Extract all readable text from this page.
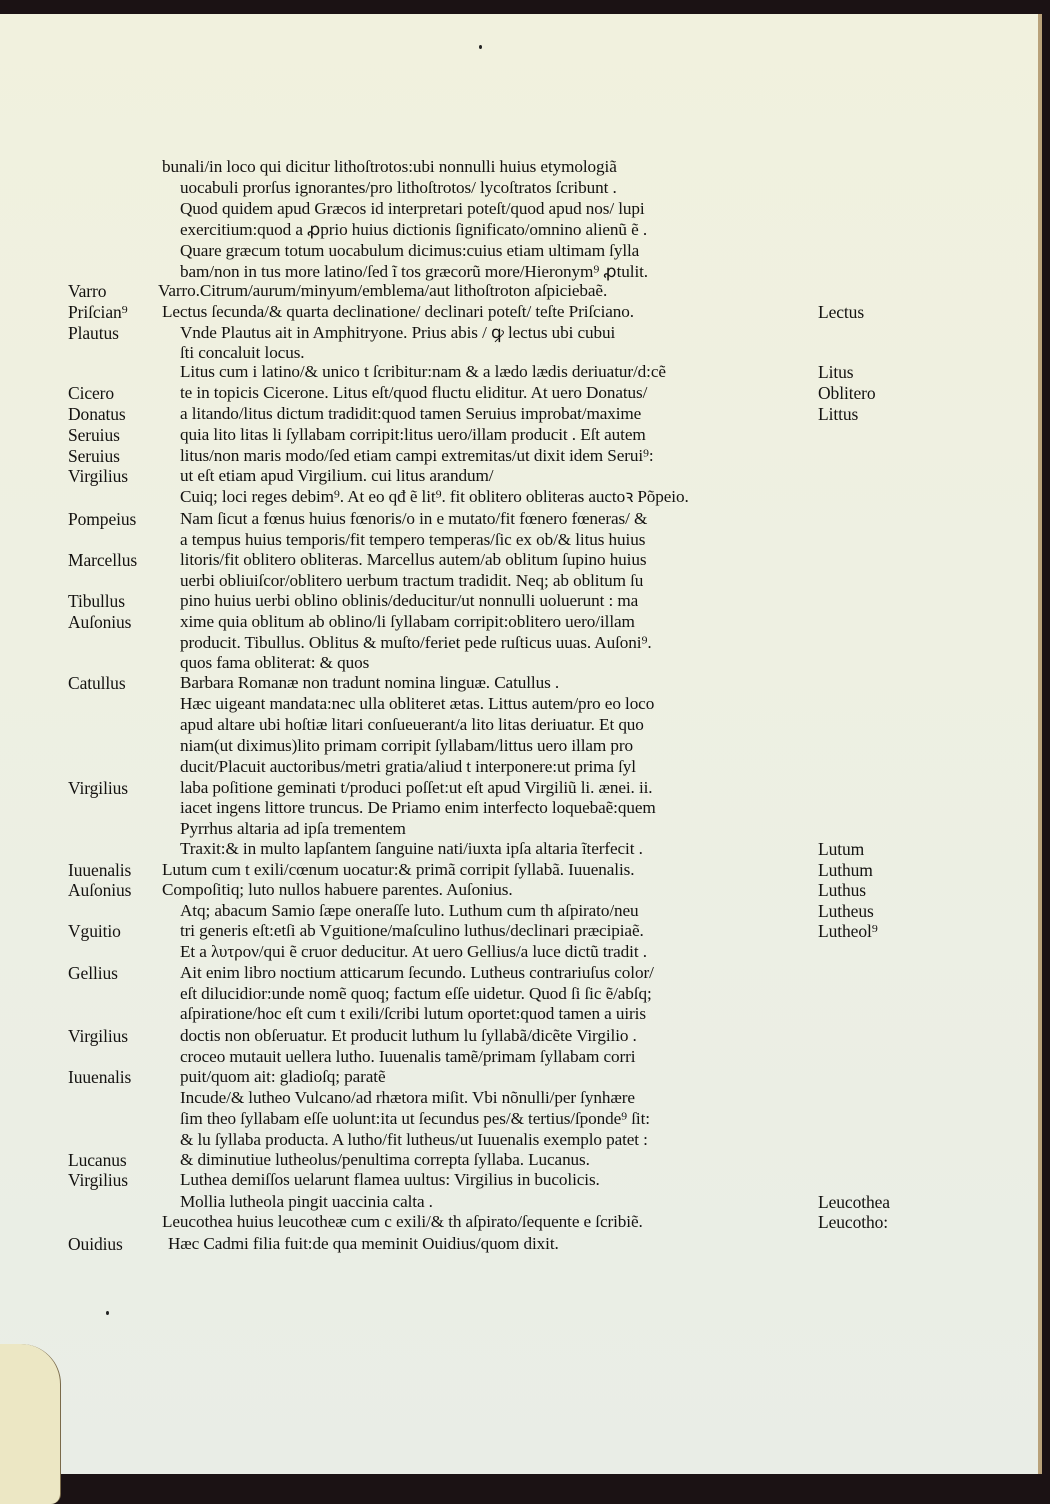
bunali/in loco qui dicitur lithoſtrotos:ubi nonnulli huius etymologiã
uocabuli prorſus ignorantes/pro lithoſtrotos/ lycoſtratos ſcribunt .
Quod quidem apud Græcos id interpretari poteſt/quod apud nos/ lupi
exercitium:quod a ꝓprio huius dictionis ſignificato/omnino alienũ ẽ .
Quare græcum totum uocabulum dicimus:cuius etiam ultimam ſylla
bam/non in tus more latino/ſed ĩ tos græcorũ more/Hieronym⁹ ꝓtulit.
Varro.Citrum/aurum/minyum/emblema/aut lithoſtroton aſpiciebaẽ.
Lectus ſecunda/& quarta declinatione/ declinari poteſt/ teſte Priſciano.
Vnde Plautus ait in Amphitryone. Prius abis / ꝙ lectus ubi cubui
ſti concaluit locus.
Litus cum i latino/& unico t ſcribitur:nam & a lædo lædis deriuatur/d:cẽ
te in topicis Cicerone. Litus eſt/quod fluctu eliditur. At uero Donatus/
a litando/litus dictum tradidit:quod tamen Seruius improbat/maxime
quia lito litas li ſyllabam corripit:litus uero/illam producit . Eſt autem
litus/non maris modo/ſed etiam campi extremitas/ut dixit idem Serui⁹:
ut eſt etiam apud Virgilium. cui litus arandum/
Cuiq; loci reges debim⁹. At eo qđ ẽ lit⁹. fit oblitero obliteras auctoꝛ Põpeio.
Nam ſicut a fœnus huius fœnoris/o in e mutato/fit fœnero fœneras/ &
a tempus huius temporis/fit tempero temperas/ſic ex ob/& litus huius
litoris/fit oblitero obliteras. Marcellus autem/ab oblitum ſupino huius
uerbi obliuiſcor/oblitero uerbum tractum tradidit. Neq; ab oblitum ſu
pino huius uerbi oblino oblinis/deducitur/ut nonnulli uoluerunt : ma
xime quia oblitum ab oblino/li ſyllabam corripit:oblitero uero/illam
producit. Tibullus. Oblitus & muſto/feriet pede ruſticus uuas. Auſoni⁹.
quos fama obliterat: & quos
Barbara Romanæ non tradunt nomina linguæ. Catullus .
Hæc uigeant mandata:nec ulla obliteret ætas. Littus autem/pro eo loco
apud altare ubi hoſtiæ litari conſueuerant/a lito litas deriuatur. Et quo
niam(ut diximus)lito primam corripit ſyllabam/littus uero illam pro
ducit/Placuit auctoribus/metri gratia/aliud t interponere:ut prima ſyl
laba poſitione geminati t/produci poſſet:ut eſt apud Virgiliũ li. ænei. ii.
iacet ingens littore truncus. De Priamo enim interfecto loquebaẽ:quem
Pyrrhus altaria ad ipſa trementem
Traxit:& in multo lapſantem ſanguine nati/iuxta ipſa altaria ĩterfecit .
Lutum cum t exili/cœnum uocatur:& primã corripit ſyllabã. Iuuenalis.
Compoſitiq; luto nullos habuere parentes. Auſonius.
Atq; abacum Samio ſæpe oneraſſe luto. Luthum cum th aſpirato/neu
tri generis eſt:etſi ab Vguitione/maſculino luthus/declinari præcipiaẽ.
Et a λυτρον/qui ẽ cruor deducitur. At uero Gellius/a luce dictũ tradit .
Ait enim libro noctium atticarum ſecundo. Lutheus contrariuſus color/
eſt dilucidior:unde nomẽ quoq; factum eſſe uidetur. Quod ſi ſic ẽ/abſq;
aſpiratione/hoc eſt cum t exili/ſcribi lutum oportet:quod tamen a uiris
doctis non obſeruatur. Et producit luthum lu ſyllabã/dicẽte Virgilio .
croceo mutauit uellera lutho. Iuuenalis tamẽ/primam ſyllabam corri
puit/quom ait: gladioſq; paratẽ
Incude/& lutheo Vulcano/ad rhætora miſit. Vbi nõnulli/per ſynhære
ſim theo ſyllabam eſſe uolunt:ita ut ſecundus pes/& tertius/ſponde⁹ ſit:
& lu ſyllaba producta. A lutho/fit lutheus/ut Iuuenalis exemplo patet :
& diminutiue lutheolus/penultima correpta ſyllaba. Lucanus.
Luthea demiſſos uelarunt flamea uultus: Virgilius in bucolicis.
Mollia lutheola pingit uaccinia calta .
Leucothea huius leucotheæ cum c exili/& th aſpirato/ſequente e ſcribiẽ.
Hæc Cadmi filia fuit:de qua meminit Ouidius/quom dixit.
Varro
Priſcian⁹
Plautus
Cicero
Donatus
Seruius
Seruius
Virgilius
Pompeius
Marcellus
Tibullus
Auſonius
Catullus
Virgilius
Iuuenalis
Auſonius
Vguitio
Gellius
Virgilius
Iuuenalis
Lucanus
Virgilius
Ouidius
Lectus
Litus
Oblitero
Littus
Lutum
Luthum
Luthus
Lutheus
Lutheol⁹
Leucothea
Leucotho:
